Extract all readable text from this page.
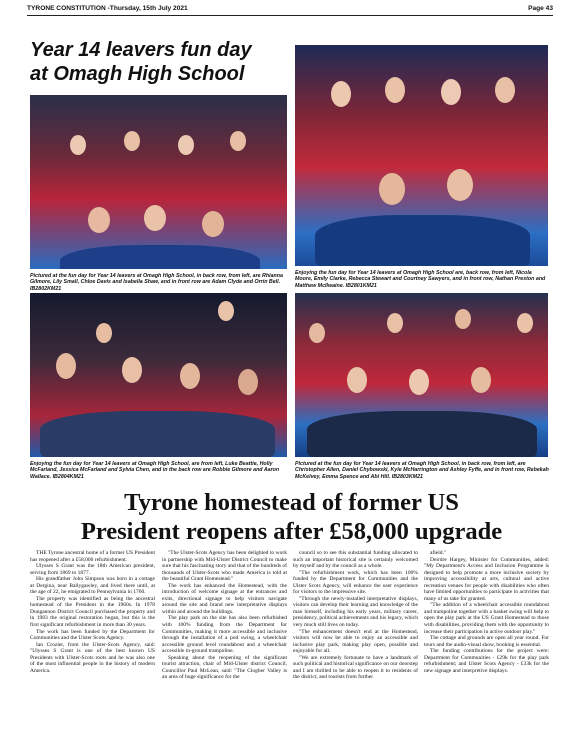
TYRONE CONSTITUTION -Thursday, 15th July 2021	Page 43
Year 14 leavers fun day
at Omagh High School
Pictured at the fun day for Year 14 leavers at Omagh High School, in back row, from left, are Rhianna Gilmore, Lily Small, Chloe Davis and Isabella Shaw, and in front row are Adam Clyde and Orrin Bell. IB2802KM21
Enjoying the fun day for Year 14 leavers at Omagh High School are, back row, from left, Nicola Moore, Emily Clarke, Rebecca Stewart and Courtney Sawyers, and in front row, Nathan Preston and Matthew McIlwaine. IB2801KM21
Enjoying the fun day for Year 14 leavers at Omagh High School, are from left, Luke Beattie, Holly McFarland, Jessica McFarland and Sylvia Chen, and in the back row are Robbie Gilmore and Aaron Wallace. IB2804KM21
Pictured at the fun day for Year 14 leavers at Omagh High School, in back row, from left, are Christopher Allen, Daniel Chybowski, Kyle McHarrington and Ashley Fyffe, and in front row, Rebekah McKelvey, Emma Spence and Abi Hill. IB2803KM21
Tyrone homestead of former US
President reopens after £58,000 upgrade

THE Tyrone ancestral home of a former US President has reopened after a £58,000 refurbishment.

Ulysses S Grant was the 18th American president, serving from 1869 to 1877.

His grandfather John Simpson was born in a cottage at Dergina, near Ballygawley, and lived there until, at the age of 22, he emigrated to Pennsylvania in 1760.

The property was identified as being the ancestral homestead of the President in the 1960s. In 1978 Dungannon District Council purchased the property and in 1983 the original restoration began, but this is the first significant refurbishment in more than 30 years.

The work has been funded by the Department for Communities and the Ulster Scots Agency.

Ian Crozier, from the Ulster-Scots Agency, said: "Ulysses S Grant is one of the best known US Presidents with Ulster-Scots roots and he was also one of the most influential people in the history of modern America.

"The Ulster-Scots Agency has been delighted to work in partnership with Mid-Ulster District Council to make sure that his fascinating story and that of the hundreds of thousands of Ulster-Scots who made America is told at the beautiful Grant Homestead."

The work has enhanced the Homestead, with the introduction of welcome signage at the entrances and exits, directional signage to help visitors navigate around the site and brand new interpretative displays within and around the buildings.

The play park on the site has also been refurbished with 100% funding from the Department for Communities, making it more accessible and inclusive through the installation of a pod swing, a wheelchair accessible ground level roundabout and a wheelchair accessible in-ground trampoline.

Speaking about the reopening of the significant tourist attraction, chair of Mid-Ulster district Council, Councillor Paul McLean, said: "The Clogher Valley is an area of huge significance for the

council so to see this substantial funding allocated to such an important historical site is certainly welcomed by myself and by the council as a whole.

"The refurbishment work, which has been 100% funded by the Department for Communities and the Ulster Scots Agency, will enhance the user experience for visitors to the impressive site.

"Through the newly-installed interpretative displays, visitors can develop their learning and knowledge of the man himself, including his early years, military career, presidency, political achievements and his legacy, which very much still lives on today.

"The enhancement doesn't end at the Homestead, visitors will now be able to enjoy an accessible and inclusive play park, making play open, possible and enjoyable for all.

"We are extremely fortunate to have a landmark of such political and historical significance on our doorstep and I am thrilled to be able to reopen it to residents of the district, and tourists from further

afield."

Deirdre Hargey, Minister for Communities, added: "My Department's Access and Inclusion Programme is designed to help promote a more inclusive society by improving accessibility at arts, cultural and active recreation venues for people with disabilities who often have limited opportunities to participate in activities that many of us take for granted.

"The addition of a wheelchair accessible roundabout and trampoline together with a basket swing will help to open the play park at the US Grant Homestead to those with disabilities, providing them with the opportunity to increase their participation in active outdoor play."

The cottage and grounds are open all year round. For tours and the audio-visual show, booking is essential.

The funding contributions for the project were: Department for Communities - £29k for the play park refurbishment; and Ulster Scots Agency - £33k for the new signage and interpretive displays.
